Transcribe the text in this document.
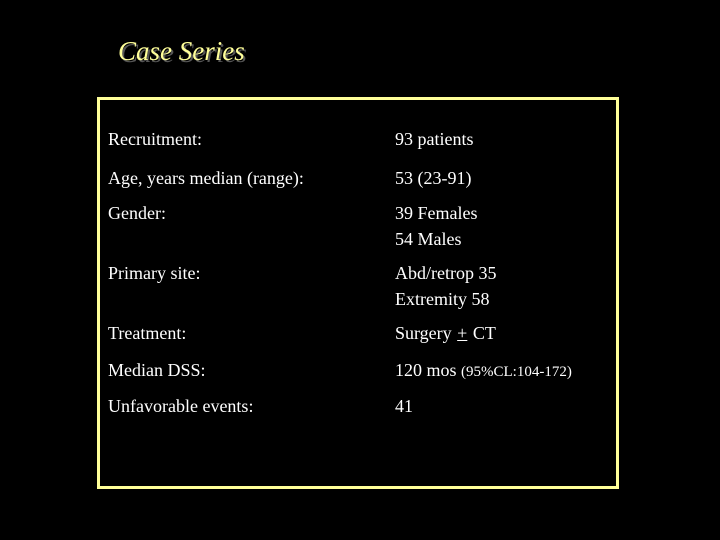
Case Series
Recruitment:	93 patients
Age, years median (range):	53 (23-91)
Gender:	39 Females
54 Males
Primary site:	Abd/retrop 35
Extremity 58
Treatment:	Surgery + CT
Median DSS:	120 mos (95%CL:104-172)
Unfavorable events:	41
